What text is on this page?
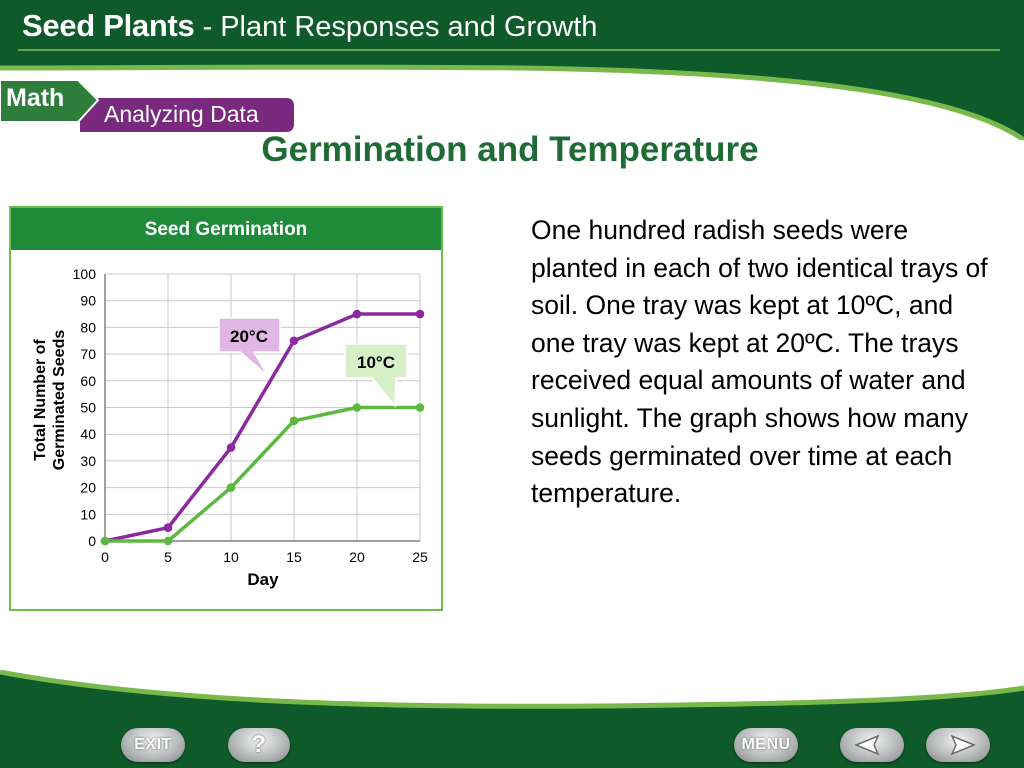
Seed Plants - Plant Responses and Growth
Math
Analyzing Data
Germination and Temperature
Seed Germination
0
10
20
30
40
50
60
70
80
90
100
0	5	10	15	20	25
Day
Total Number of Germinated Seeds	20°C
10°C
One hundred radish seeds were planted in each of two identical trays of soil. One tray was kept at 10ºC, and one tray was kept at 20ºC. The trays received equal amounts of water and sunlight. The graph shows how many seeds germinated over time at each temperature.
EXIT	?	MENU
